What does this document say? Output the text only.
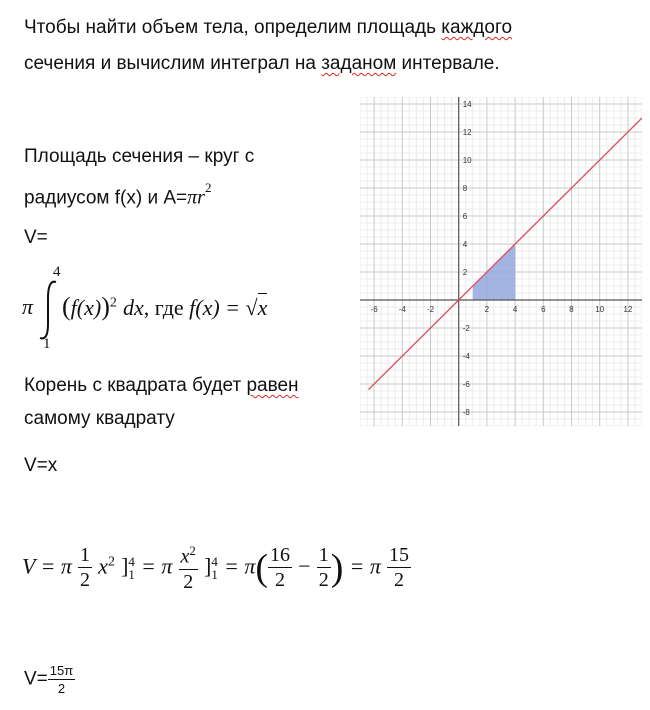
Чтобы найти объем тела, определим площадь каждого
сечения и вычислим интеграл на заданом интервале.
Площадь сечения – круг с
радиусом f(x) и $A=\pi r^2$
V=
π
4
1
$(f(x))^2$ dx, где f(x) = √x
Корень с квадрата будет равен
самому квадрату
V=x
V = π $\frac{1}{2} x^2$ ] 4
1 = π $\frac{x^2}{2}$ ] 4
$1 = \pi( \frac{16}{2} - \frac{1}{2}$ ) = π $\frac{15}{2}$
$V= \frac{15\pi}{2}$
-6	-4	-2	2	4	6	8	10 12
14
12
10
8
6
4
2
-2
-4
-6
-8
